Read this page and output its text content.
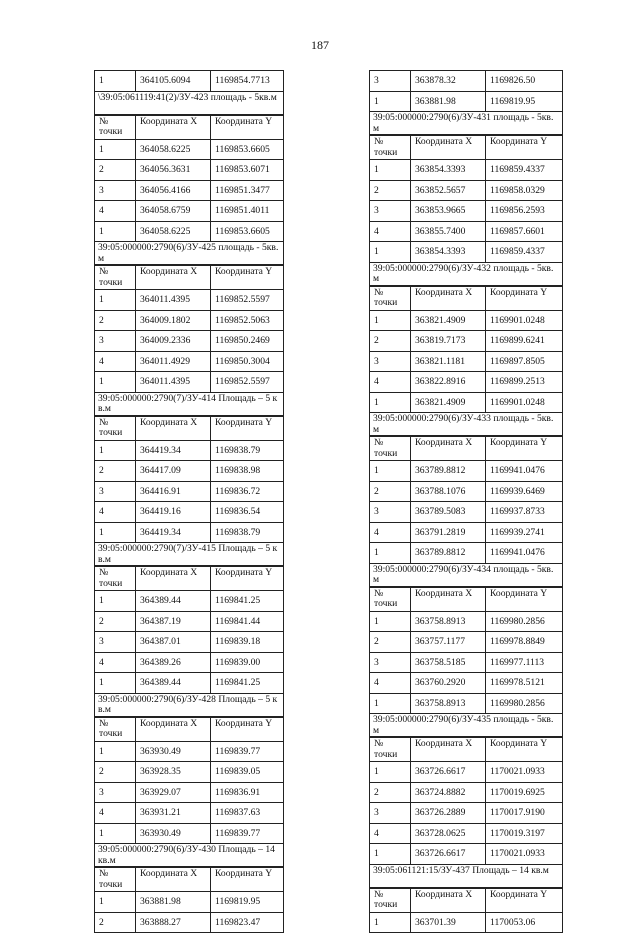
187
1	364105.6094	1169854.7713
\39:05:061119:41(2)/ЗУ-423 площадь - 5кв.м
№ точки	Координата X	Координата Y
1	364058.6225	1169853.6605
2	364056.3631	1169853.6071
3	364056.4166	1169851.3477
4	364058.6759	1169851.4011
1	364058.6225	1169853.6605
39:05:000000:2790(6)/ЗУ-425 площадь - 5кв.м
№ точки	Координата X	Координата Y
1	364011.4395	1169852.5597
2	364009.1802	1169852.5063
3	364009.2336	1169850.2469
4	364011.4929	1169850.3004
1	364011.4395	1169852.5597
39:05:000000:2790(7)/ЗУ-414 Площадь – 5 кв.м
№ точки	Координата X	Координата Y
1	364419.34	1169838.79
2	364417.09	1169838.98
3	364416.91	1169836.72
4	364419.16	1169836.54
1	364419.34	1169838.79
39:05:000000:2790(7)/ЗУ-415 Площадь – 5 кв.м
№ точки	Координата X	Координата Y
1	364389.44	1169841.25
2	364387.19	1169841.44
3	364387.01	1169839.18
4	364389.26	1169839.00
1	364389.44	1169841.25
39:05:000000:2790(6)/ЗУ-428 Площадь – 5 кв.м
№ точки	Координата X	Координата Y
1	363930.49	1169839.77
2	363928.35	1169839.05
3	363929.07	1169836.91
4	363931.21	1169837.63
1	363930.49	1169839.77
39:05:000000:2790(6)/ЗУ-430 Площадь – 14 кв.м
№ точки	Координата X	Координата Y
1	363881.98	1169819.95
2	363888.27	1169823.47
3	363878.32	1169826.50
1	363881.98	1169819.95
39:05:000000:2790(6)/ЗУ-431 площадь - 5кв.м
№ точки	Координата X	Координата Y
1	363854.3393	1169859.4337
2	363852.5657	1169858.0329
3	363853.9665	1169856.2593
4	363855.7400	1169857.6601
1	363854.3393	1169859.4337
39:05:000000:2790(6)/ЗУ-432 площадь - 5кв.м
№ точки	Координата X	Координата Y
1	363821.4909	1169901.0248
2	363819.7173	1169899.6241
3	363821.1181	1169897.8505
4	363822.8916	1169899.2513
1	363821.4909	1169901.0248
39:05:000000:2790(6)/ЗУ-433 площадь - 5кв.м
№ точки	Координата X	Координата Y
1	363789.8812	1169941.0476
2	363788.1076	1169939.6469
3	363789.5083	1169937.8733
4	363791.2819	1169939.2741
1	363789.8812	1169941.0476
39:05:000000:2790(6)/ЗУ-434 площадь - 5кв.м
№ точки	Координата X	Координата Y
1	363758.8913	1169980.2856
2	363757.1177	1169978.8849
3	363758.5185	1169977.1113
4	363760.2920	1169978.5121
1	363758.8913	1169980.2856
39:05:000000:2790(6)/ЗУ-435 площадь - 5кв.м
№ точки	Координата X	Координата Y
1	363726.6617	1170021.0933
2	363724.8882	1170019.6925
3	363726.2889	1170017.9190
4	363728.0625	1170019.3197
1	363726.6617	1170021.0933
39:05:061121:15/ЗУ-437 Площадь – 14 кв.м
№ точки	Координата X	Координата Y
1	363701.39	1170053.06
